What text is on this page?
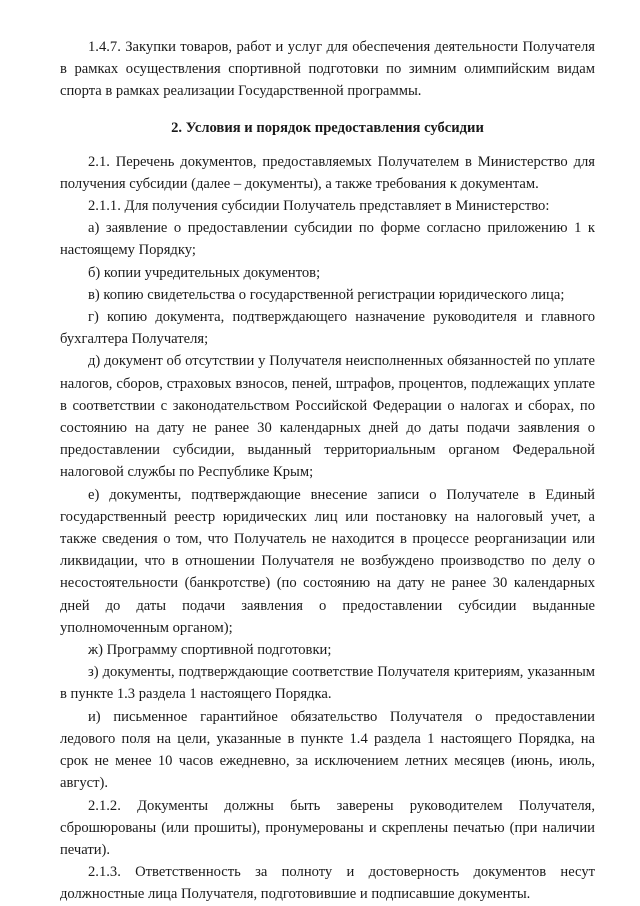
1.4.7. Закупки товаров, работ и услуг для обеспечения деятельности Получателя в рамках осуществления спортивной подготовки по зимним олимпийским видам спорта в рамках реализации Государственной программы.

2. Условия и порядок предоставления субсидии

2.1. Перечень документов, предоставляемых Получателем в Министерство для получения субсидии (далее – документы), а также требования к документам.

2.1.1. Для получения субсидии Получатель представляет в Министерство:

а) заявление о предоставлении субсидии по форме согласно приложению 1 к настоящему Порядку;

б) копии учредительных документов;

в) копию свидетельства о государственной регистрации юридического лица;

г) копию документа, подтверждающего назначение руководителя и главного бухгалтера Получателя;

д) документ об отсутствии у Получателя неисполненных обязанностей по уплате налогов, сборов, страховых взносов, пеней, штрафов, процентов, подлежащих уплате в соответствии с законодательством Российской Федерации о налогах и сборах, по состоянию на дату не ранее 30 календарных дней до даты подачи заявления о предоставлении субсидии, выданный территориальным органом Федеральной налоговой службы по Республике Крым;

е) документы, подтверждающие внесение записи о Получателе в Единый государственный реестр юридических лиц или постановку на налоговый учет, а также сведения о том, что Получатель не находится в процессе реорганизации или ликвидации, что в отношении Получателя не возбуждено производство по делу о несостоятельности (банкротстве) (по состоянию на дату не ранее 30 календарных дней до даты подачи заявления о предоставлении субсидии выданные уполномоченным органом);

ж) Программу спортивной подготовки;

з) документы, подтверждающие соответствие Получателя критериям, указанным в пункте 1.3 раздела 1 настоящего Порядка.

и) письменное гарантийное обязательство Получателя о предоставлении ледового поля на цели, указанные в пункте 1.4 раздела 1 настоящего Порядка, на срок не менее 10 часов ежедневно, за исключением летних месяцев (июнь, июль, август).

2.1.2. Документы должны быть заверены руководителем Получателя, сброшюрованы (или прошиты), пронумерованы и скреплены печатью (при наличии печати).

2.1.3. Ответственность за полноту и достоверность документов несут должностные лица Получателя, подготовившие и подписавшие документы.
